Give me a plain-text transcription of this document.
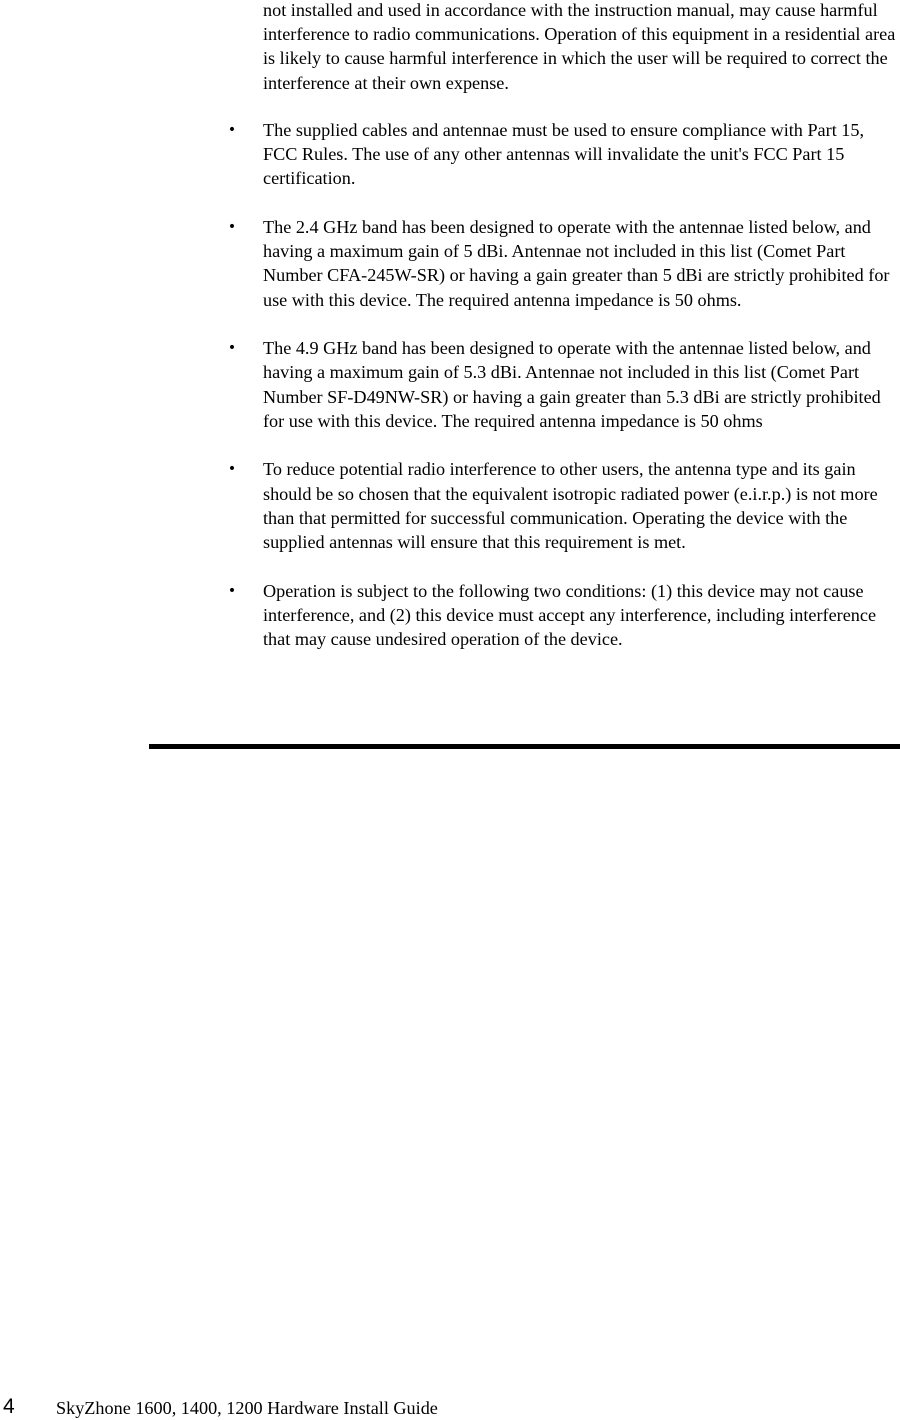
not installed and used in accordance with the instruction manual, may cause harmful interference to radio communications. Operation of this equipment in a residential area is likely to cause harmful interference in which the user will be required to correct the interference at their own expense.

• The supplied cables and antennae must be used to ensure compliance with Part 15, FCC Rules. The use of any other antennas will invalidate the unit's FCC Part 15 certification.
• The 2.4 GHz band has been designed to operate with the antennae listed below, and having a maximum gain of 5 dBi. Antennae not included in this list (Comet Part Number CFA-245W-SR) or having a gain greater than 5 dBi are strictly prohibited for use with this device. The required antenna impedance is 50 ohms.
• The 4.9 GHz band has been designed to operate with the antennae listed below, and having a maximum gain of 5.3 dBi. Antennae not included in this list (Comet Part Number SF-D49NW-SR) or having a gain greater than 5.3 dBi are strictly prohibited for use with this device. The required antenna impedance is 50 ohms
• To reduce potential radio interference to other users, the antenna type and its gain should be so chosen that the equivalent isotropic radiated power (e.i.r.p.) is not more than that permitted for successful communication. Operating the device with the supplied antennas will ensure that this requirement is met.
• Operation is subject to the following two conditions: (1) this device may not cause interference, and (2) this device must accept any interference, including interference that may cause undesired operation of the device.
4 SkyZhone 1600, 1400, 1200 Hardware Install Guide
